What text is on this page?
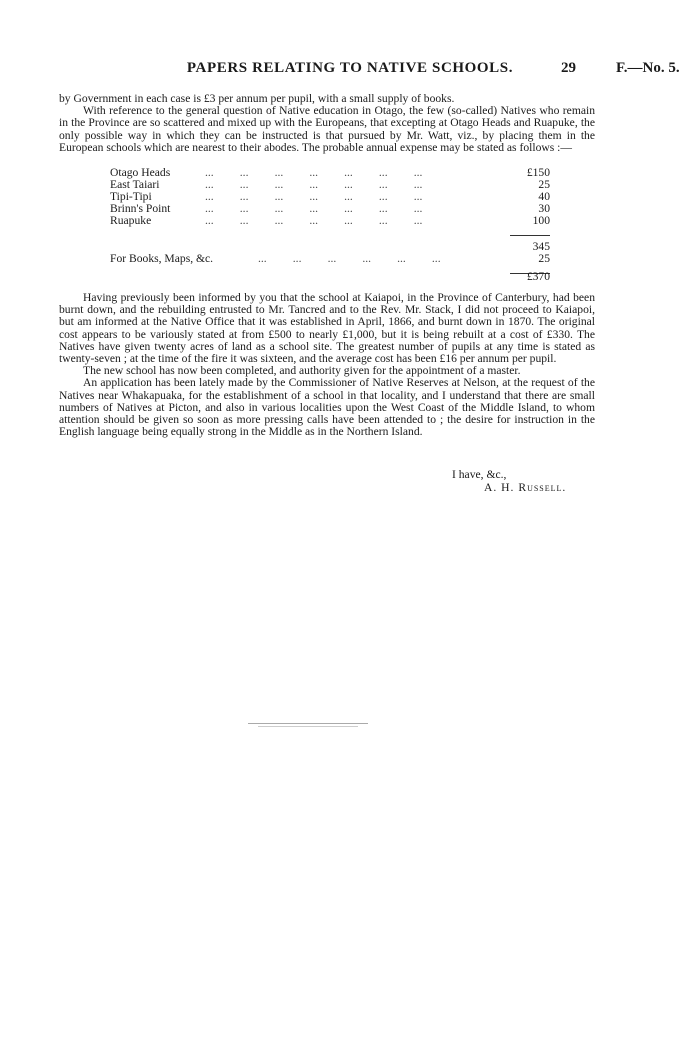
PAPERS RELATING TO NATIVE SCHOOLS.	29	F.—No. 5.

by Government in each case is £3 per annum per pupil, with a small supply of books.

With reference to the general question of Native education in Otago, the few (so-called) Natives who remain in the Province are so scattered and mixed up with the Europeans, that excepting at Otago Heads and Ruapuke, the only possible way in which they can be instructed is that pursued by Mr. Watt, viz., by placing them in the European schools which are nearest to their abodes. The probable annual expense may be stated as follows :—

Otago Heads	...         ...         ...         ...         ...         ...         ...	£150
East Taiari	...         ...         ...         ...         ...         ...         ...	25
Tipi-Tipi	...         ...         ...         ...         ...         ...         ...	40
Brinn's Point	...         ...         ...         ...         ...         ...         ...	30
Ruapuke	...         ...         ...         ...         ...         ...         ...	100
345
For Books, Maps, &c.	...         ...         ...         ...         ...         ...	25
£370

Having previously been informed by you that the school at Kaiapoi, in the Province of Canterbury, had been burnt down, and the rebuilding entrusted to Mr. Tancred and to the Rev. Mr. Stack, I did not proceed to Kaiapoi, but am informed at the Native Office that it was established in April, 1866, and burnt down in 1870. The original cost appears to be variously stated at from £500 to nearly £1,000, but it is being rebuilt at a cost of £330. The Natives have given twenty acres of land as a school site. The greatest number of pupils at any time is stated as twenty-seven ; at the time of the fire it was sixteen, and the average cost has been £16 per annum per pupil.

The new school has now been completed, and authority given for the appointment of a master.

An application has been lately made by the Commissioner of Native Reserves at Nelson, at the request of the Natives near Whakapuaka, for the establishment of a school in that locality, and I understand that there are small numbers of Natives at Picton, and also in various localities upon the West Coast of the Middle Island, to whom attention should be given so soon as more pressing calls have been attended to ; the desire for instruction in the English language being equally strong in the Middle as in the Northern Island.

I have, &c.,
A. H. Russell.
